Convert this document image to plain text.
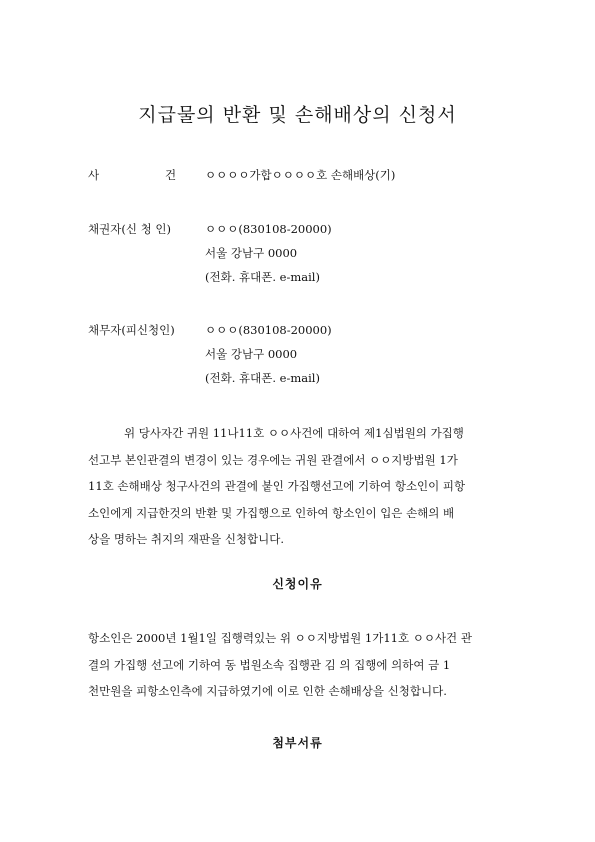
지급물의 반환 및 손해배상의 신청서
사	건	ㅇㅇㅇㅇ가합ㅇㅇㅇㅇ호 손해배상(기)
채권자(신 청 인)	ㅇㅇㅇ(830108-20000)
서울 강남구 0000
(전화. 휴대폰. e-mail)
채무자(피신청인)	ㅇㅇㅇ(830108-20000)
서울 강남구 0000
(전화. 휴대폰. e-mail)
위 당사자간 귀원 11나11호 ㅇㅇ사건에 대하여 제1심법원의 가집행
선고부 본인관결의 변경이 있는 경우에는 귀원 관결에서 ㅇㅇ지방법원 1가
11호 손해배상 청구사건의 관결에 붙인 가집행선고에 기하여 항소인이 피항
소인에게 지급한것의 반환 및 가집행으로 인하여 항소인이 입은 손해의 배
상을 명하는 취지의 재판을 신청합니다.
신청이유
항소인은 2000년 1월1일 집행력있는 위 ㅇㅇ지방법원 1가11호 ㅇㅇ사건 관
결의 가집행 선고에 기하여 동 법원소속 집행관 김 의 집행에 의하여 금 1
천만원을 피항소인측에 지급하였기에 이로 인한 손해배상을 신청합니다.
첨부서류
